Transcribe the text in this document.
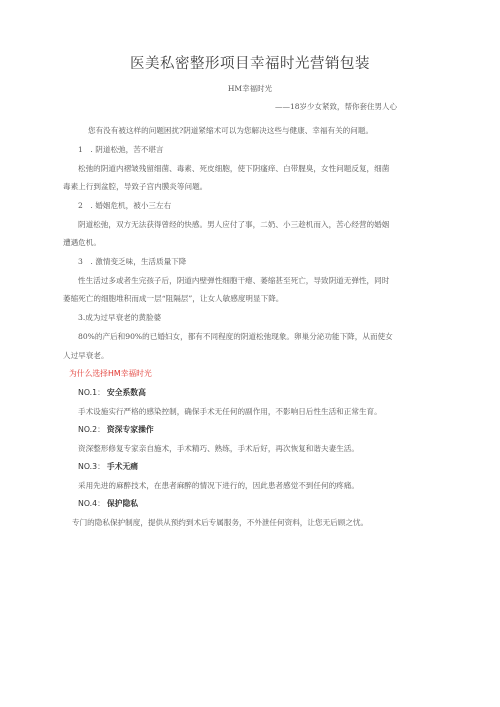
医美私密整形项目幸福时光营销包装
HM幸福时光
——18岁少女紧致，帮你套住男人心
您有没有被这样的问题困扰?阴道紧缩术可以为您解决这些与健康、幸福有关的问题。
1　. 阴道松弛，苦不堪言
松弛的阴道内褶皱残留细菌、毒素、死皮细胞，使下阴瘙痒、白带腥臭，女性问题反复，细菌
毒素上行到盆腔，导致子宫内膜炎等问题。
2　. 婚姻危机，被小三左右
阴道松弛，双方无法获得曾经的快感。男人应付了事，二奶、小三趁机而入，苦心经营的婚姻
遭遇危机。
3　. 激情变乏味，生活质量下降
性生活过多或者生完孩子后，阴道内壁弹性细胞干瘪、萎缩甚至死亡，导致阴道无弹性，同时
萎缩死亡的细胞堆积而成一层“阻隔层”，让女人敏感度明显下降。
3.成为过早衰老的黄脸婆
80%的产后和90%的已婚妇女，都有不同程度的阴道松弛现象。卵巢分泌功能下降，从而使女
人过早衰老。
为什么选择HM幸福时光
NO.1： 安全系数高
手术设施实行严格的感染控制，确保手术无任何的副作用，不影响日后性生活和正常生育。
NO.2： 资深专家操作
资深整形修复专家亲自施术，手术精巧、熟练，手术后好，再次恢复和谐夫妻生活。
NO.3： 手术无痛
采用先进的麻醉技术，在患者麻醉的情况下进行的，因此患者感觉不到任何的疼痛。
NO.4： 保护隐私
专门的隐私保护制度，提供从预约到术后专属服务，不外泄任何资料，让您无后顾之忧。
